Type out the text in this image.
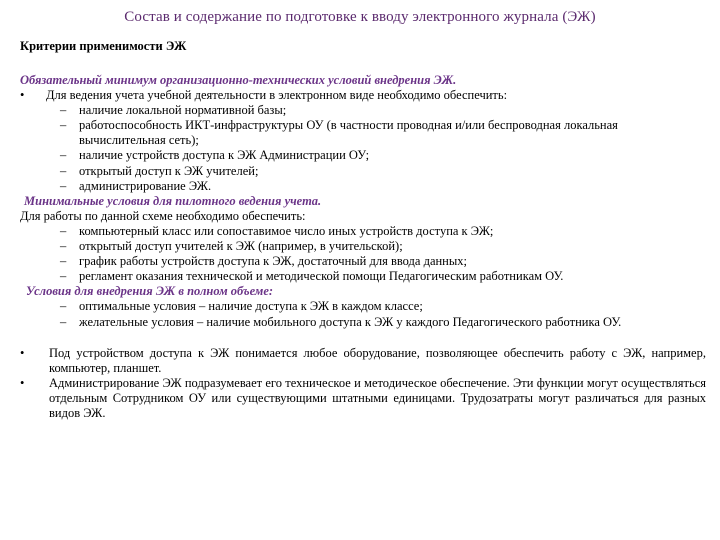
Состав и содержание по подготовке к вводу электронного журнала (ЭЖ)
Критерии применимости ЭЖ
Обязательный минимум организационно-технических условий внедрения ЭЖ.
• Для ведения учета учебной деятельности в электронном виде необходимо обеспечить:
– наличие локальной нормативной базы;
– работоспособность ИКТ-инфраструктуры ОУ (в частности проводная и/или беспроводная локальная
вычислительная сеть);
– наличие устройств доступа к ЭЖ Администрации ОУ;
– открытый доступ к ЭЖ учителей;
– администрирование ЭЖ.
Минимальные условия для пилотного ведения учета.
Для работы по данной схеме необходимо обеспечить:
– компьютерный класс или сопоставимое число иных устройств доступа к ЭЖ;
– открытый доступ учителей к ЭЖ (например, в учительской);
– график работы устройств доступа к ЭЖ, достаточный для ввода данных;
– регламент оказания технической и методической помощи Педагогическим работникам ОУ.
Условия для внедрения ЭЖ в полном объеме:
– оптимальные условия – наличие доступа к ЭЖ в каждом классе;
– желательные условия – наличие мобильного доступа к ЭЖ у каждого Педагогического работника ОУ.
• Под устройством доступа к ЭЖ понимается любое оборудование, позволяющее обеспечить работу с ЭЖ, например, компьютер, планшет.
• Администрирование ЭЖ подразумевает его техническое и методическое обеспечение. Эти функции могут осуществляться отдельным Сотрудником ОУ или существующими штатными единицами. Трудозатраты могут различаться для разных видов ЭЖ.
